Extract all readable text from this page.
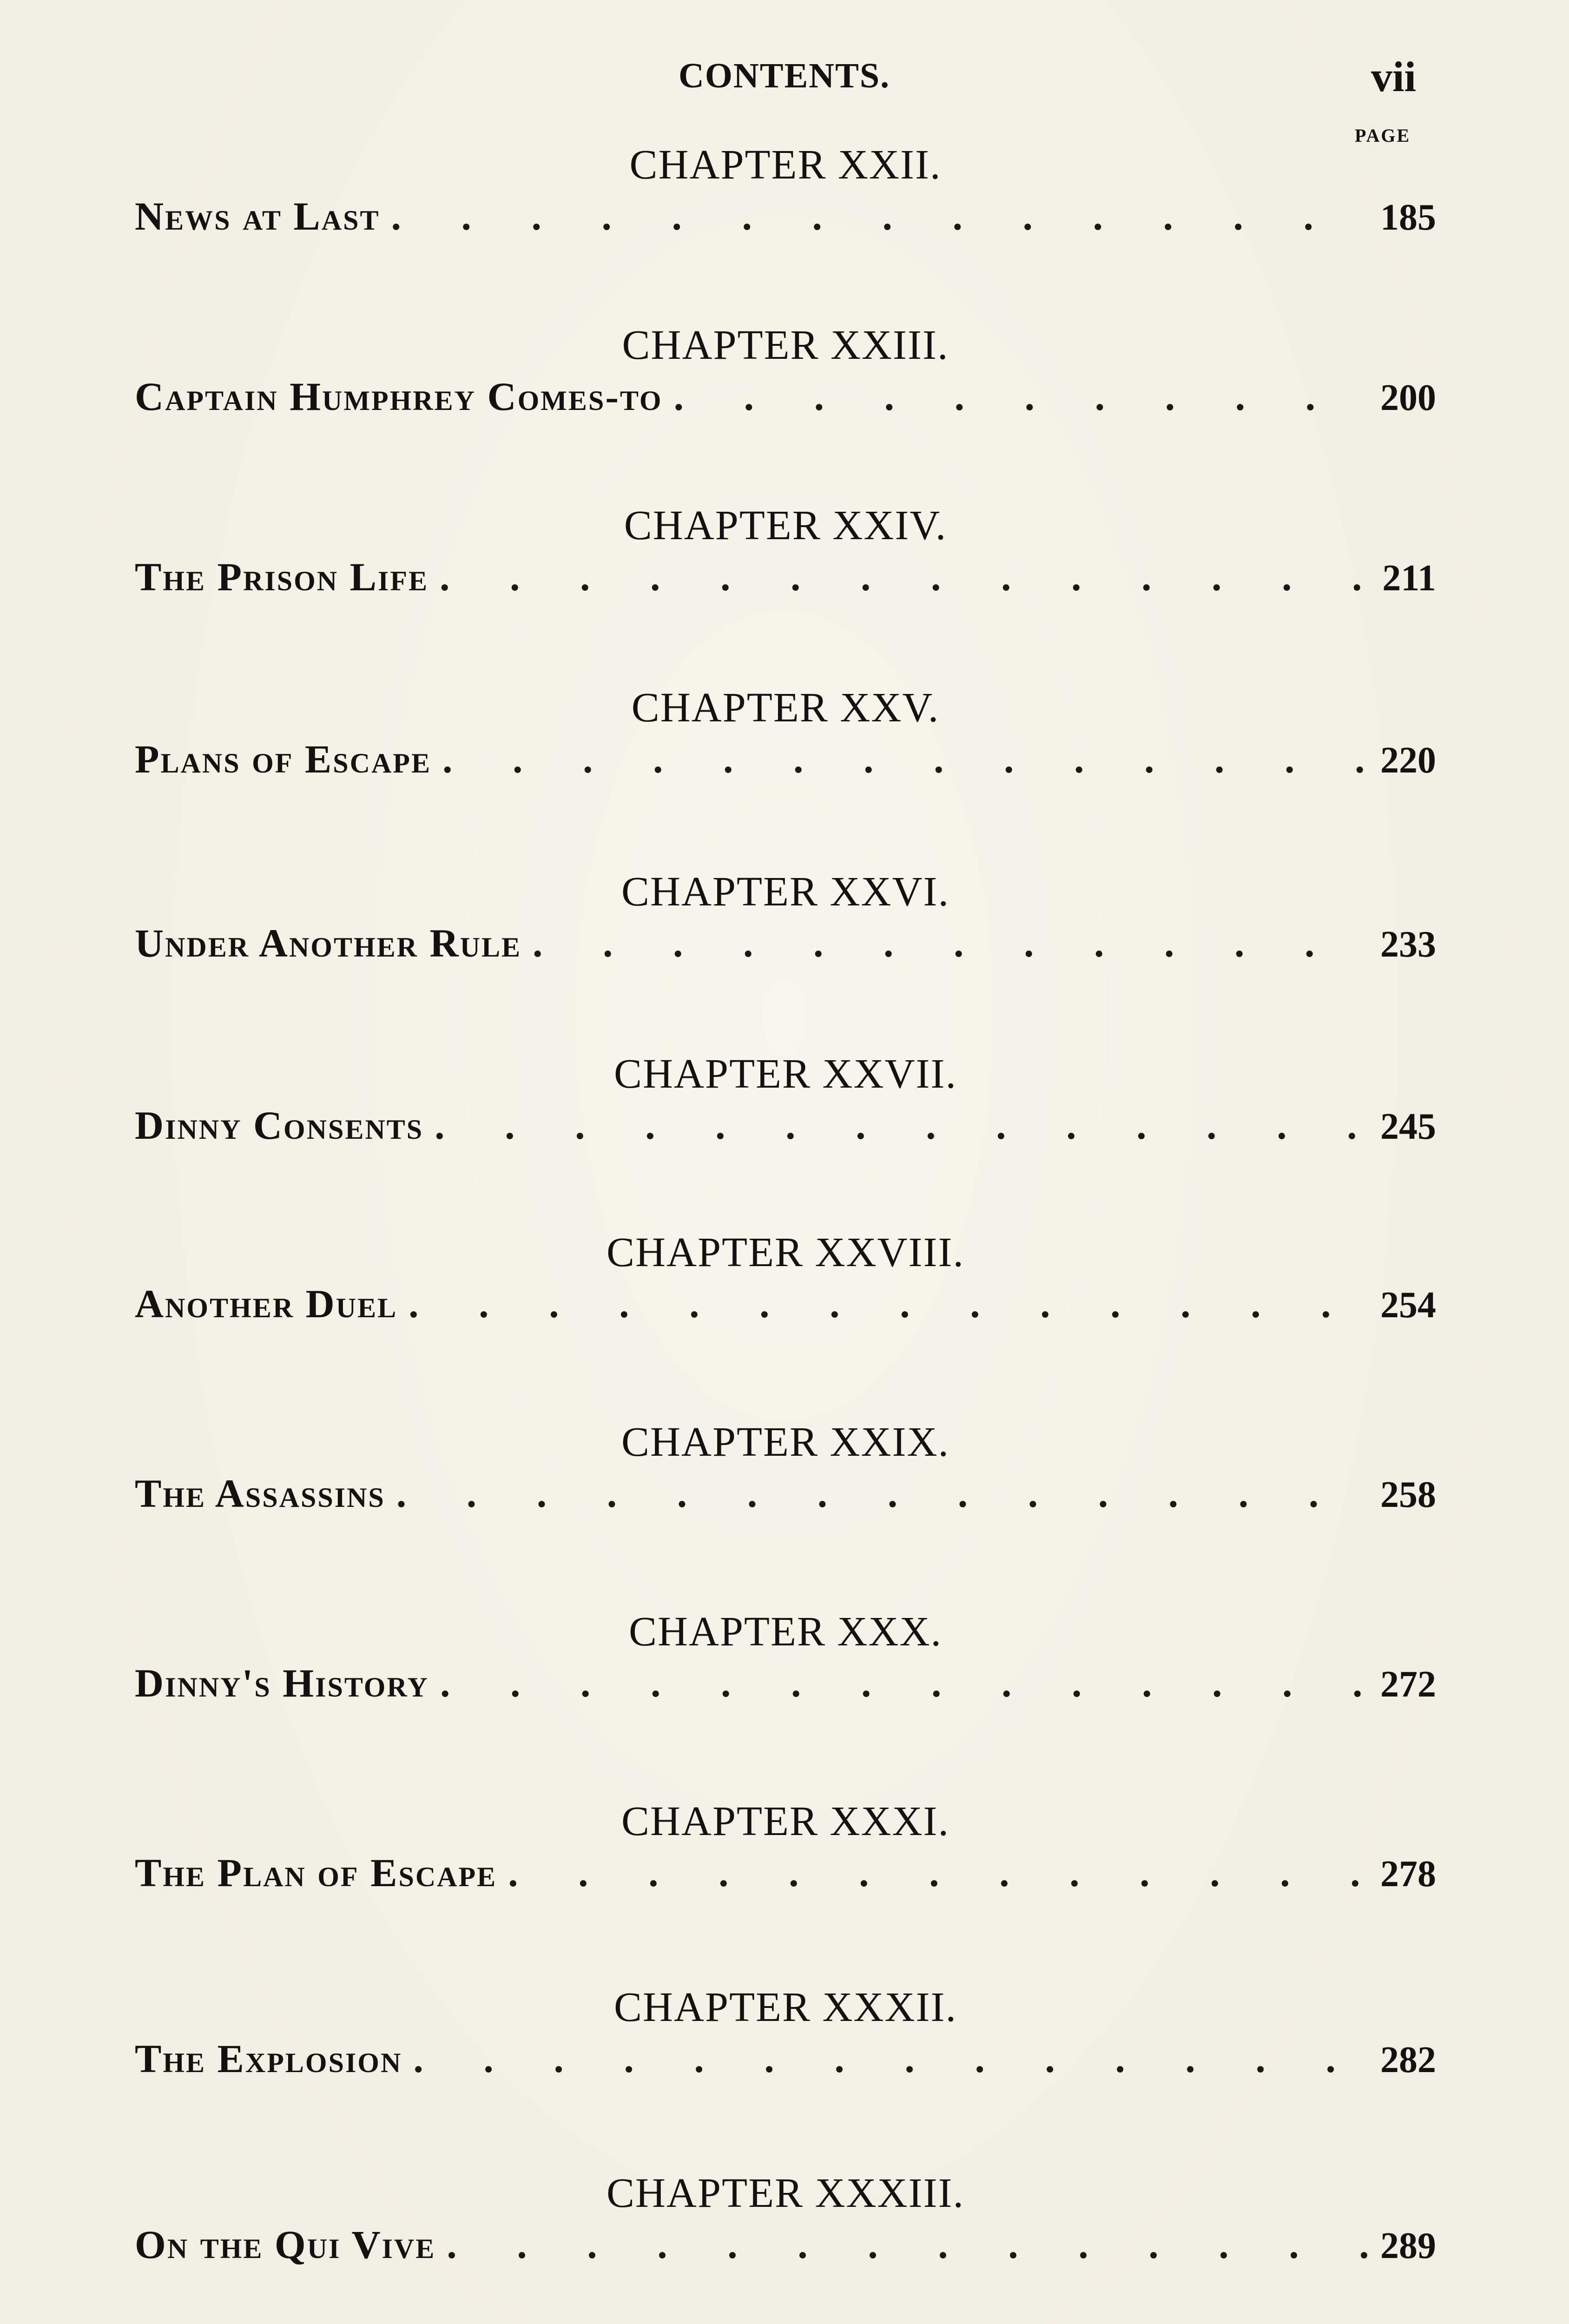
CONTENTS.	vii
PAGE
CHAPTER XXII.
News at Last . . .	185
CHAPTER XXIII.
Captain Humphrey Comes-to . . .	200
CHAPTER XXIV.
The Prison Life . . .	211
CHAPTER XXV.
Plans of Escape . . .	220
CHAPTER XXVI.
Under Another Rule . . .	233
CHAPTER XXVII.
Dinny Consents . . .	245
CHAPTER XXVIII.
Another Duel . . .	254
CHAPTER XXIX.
The Assassins . . .	258
CHAPTER XXX.
Dinny's History . . .	272
CHAPTER XXXI.
The Plan of Escape . . .	278
CHAPTER XXXII.
The Explosion . . .	282
CHAPTER XXXIII.
On the Qui Vive . . .	289
